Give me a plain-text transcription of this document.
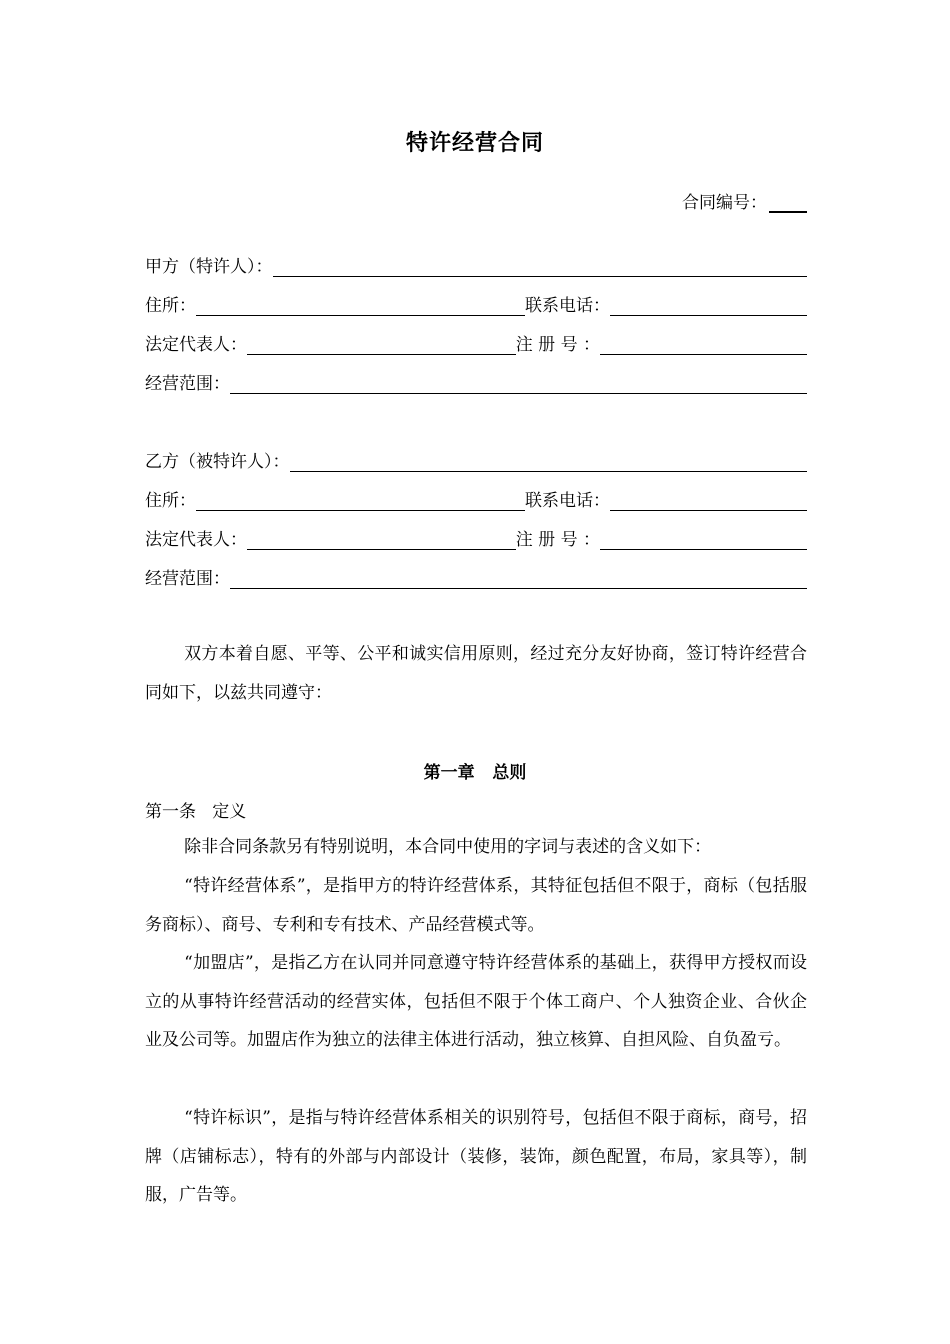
特许经营合同
合同编号：
甲方（特许人）：
住所：	联系电话：
法定代表人：	注 册 号 ：
经营范围：
乙方（被特许人）：
住所：	联系电话：
法定代表人：	注 册 号 ：
经营范围：

双方本着自愿、平等、公平和诚实信用原则，经过充分友好协商，签订特许经营合同如下，以兹共同遵守：

第一章   总则
第一条   定义

除非合同条款另有特别说明，本合同中使用的字词与表述的含义如下：

“特许经营体系”，是指甲方的特许经营体系，其特征包括但不限于，商标（包括服务商标）、商号、专利和专有技术、产品经营模式等。

“加盟店”，是指乙方在认同并同意遵守特许经营体系的基础上，获得甲方授权而设立的从事特许经营活动的经营实体，包括但不限于个体工商户、个人独资企业、合伙企业及公司等。加盟店作为独立的法律主体进行活动，独立核算、自担风险、自负盈亏。

“特许标识”，是指与特许经营体系相关的识别符号，包括但不限于商标，商号，招牌（店铺标志），特有的外部与内部设计（装修，装饰，颜色配置，布局，家具等），制服，广告等。
